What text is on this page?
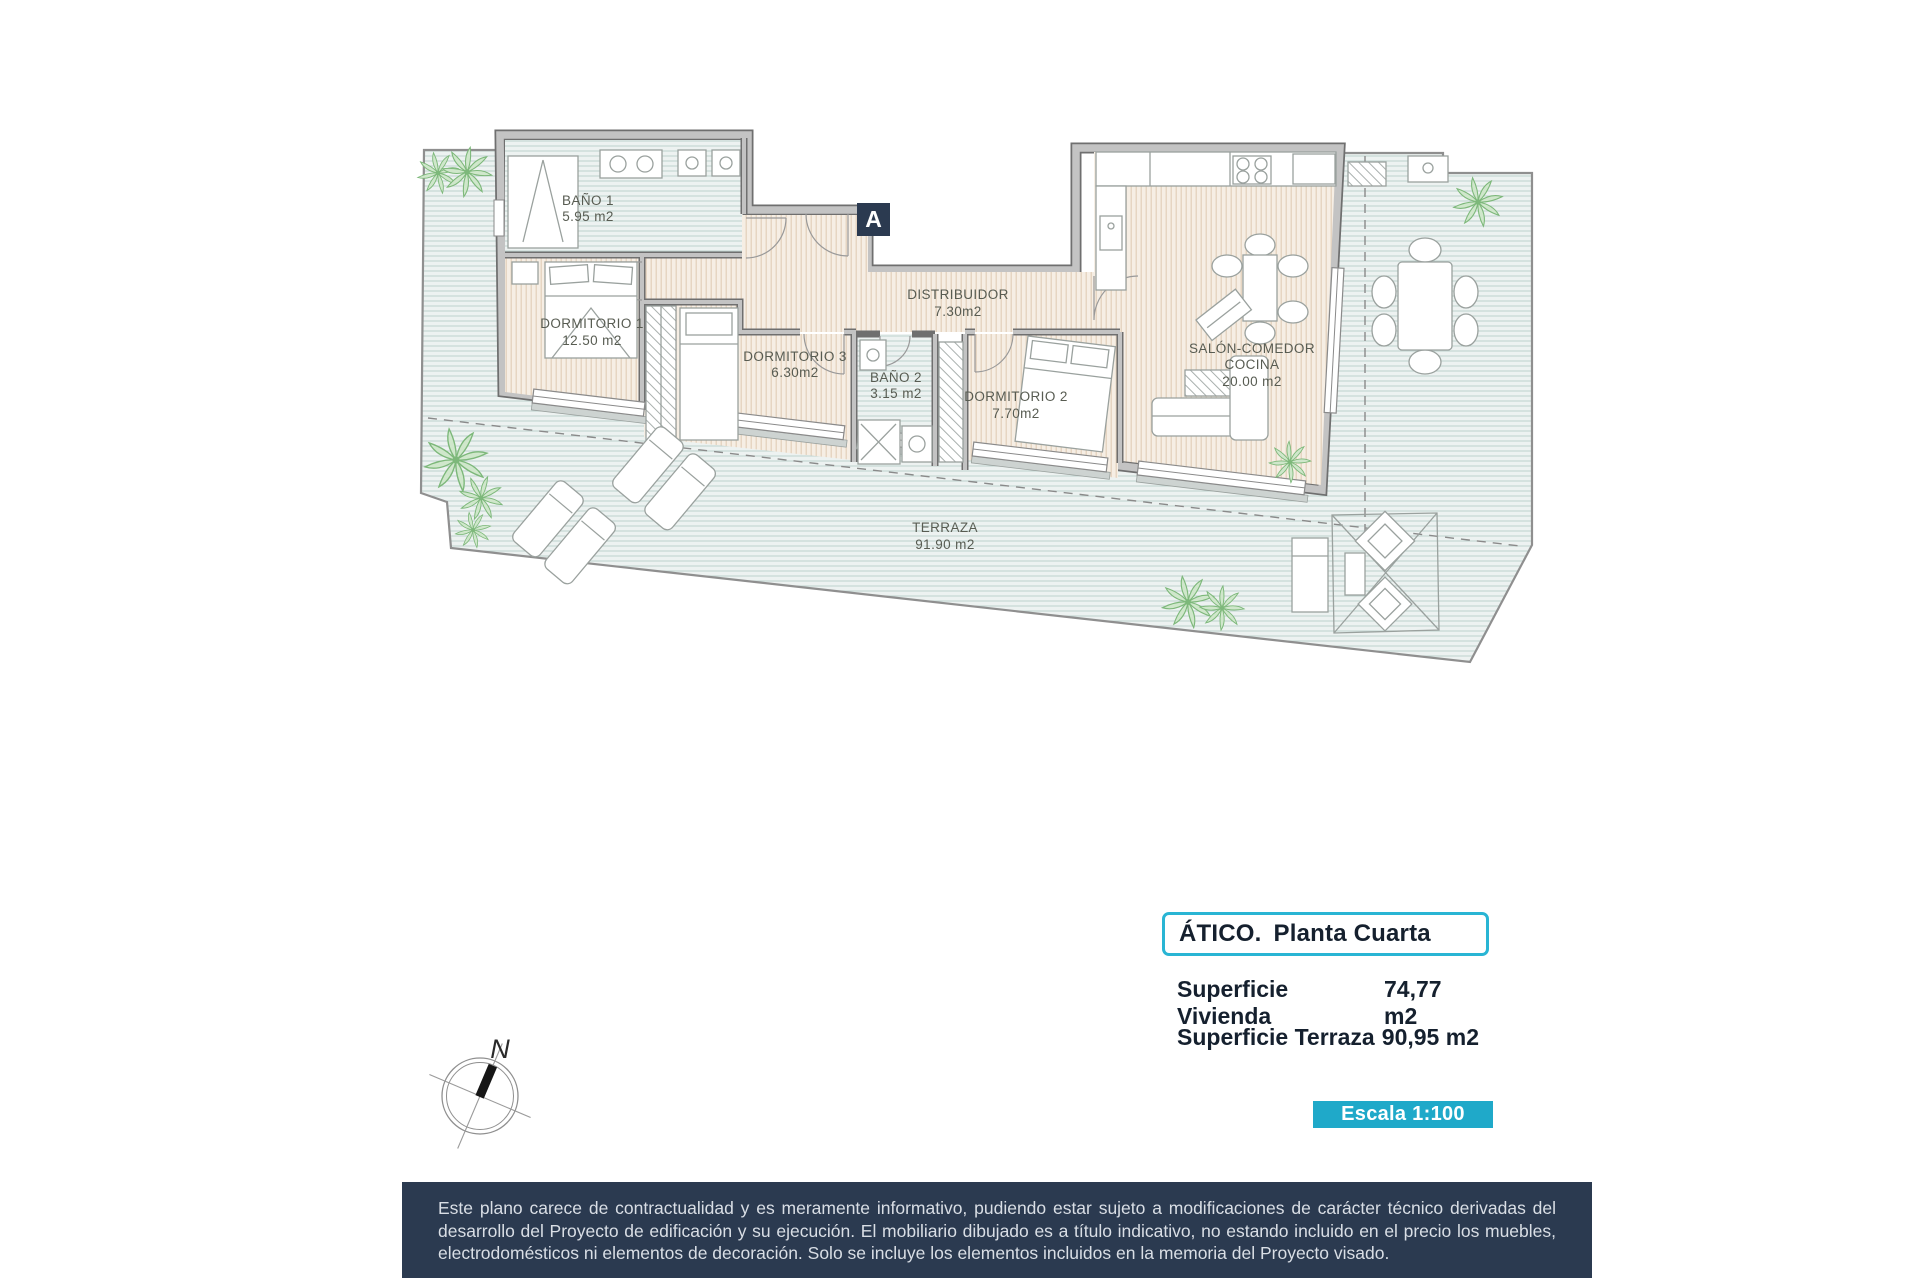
BAÑO 1
5.95 m2
DORMITORIO 1
12.50 m2
DISTRIBUIDOR
7.30m2
DORMITORIO 3
6.30m2	BAÑO 2
3.15 m2	DORMITORIO 2
7.70m2
SALÓN-COMEDOR
COCINA
20.00 m2
TERRAZA
91.90 m2
A
N
ÁTICO. Planta Cuarta
Superficie Vivienda
74,77 m2
Superficie Terraza 90,95 m2
Escala 1:100
Este plano carece de contractualidad y es meramente informativo, pudiendo estar sujeto a modificaciones de carácter técnico derivadas del desarrollo del Proyecto de edificación y su ejecución. El mobiliario dibujado es a título indicativo, no estando incluido en el precio los muebles, electrodomésticos ni elementos de decoración. Solo se incluye los elementos incluidos en la memoria del Proyecto visado.
